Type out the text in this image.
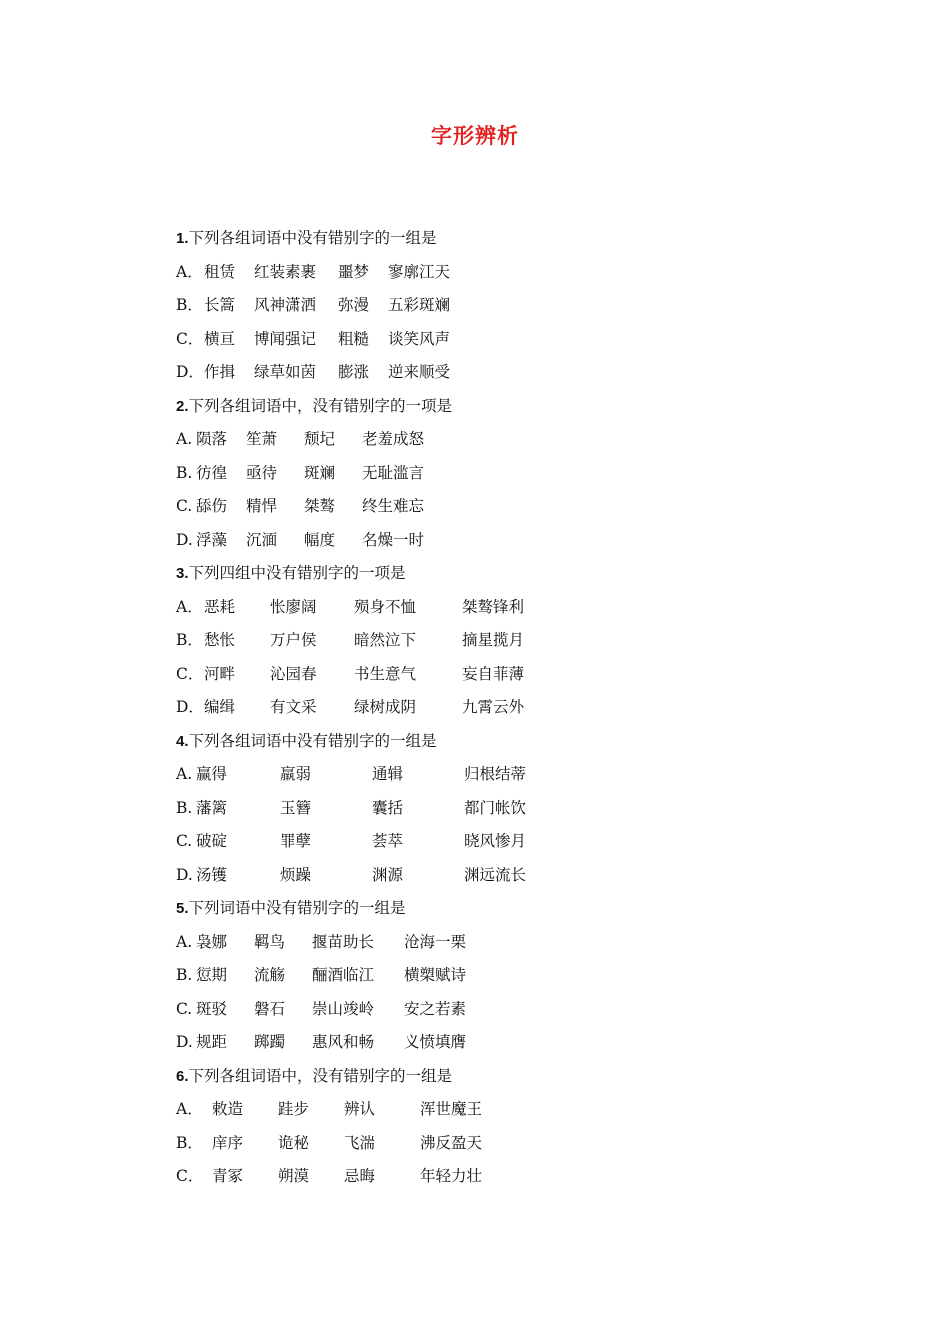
字形辨析
1.下列各组词语中没有错别字的一组是
A． 租赁	红装素裹	噩梦	寥廓江天
B． 长篙	风神潇洒	弥漫	五彩斑斓
C． 横亘	博闻强记	粗糙	谈笑风声
D． 作揖	绿草如茵	膨涨	逆来顺受
2.下列各组词语中，没有错别字的一项是
A. 陨落	笙萧	颓圮	老羞成怒
B. 彷徨	亟待	斑斓	无耻滥言
C. 舔伤	精悍	桀骜	终生难忘
D. 浮藻	沉湎	幅度	名燥一时
3.下列四组中没有错别字的一项是
A． 恶耗	怅廖阔	殒身不恤	桀骜锋利
B． 愁怅	万户侯	暗然泣下	摘星揽月
C． 河畔	沁园春	书生意气	妄自菲薄
D． 编缉	有文采	绿树成阴	九霄云外
4.下列各组词语中没有错别字的一组是
A. 赢得	羸弱	通辑	归根结蒂
B. 藩篱	玉簪	囊括	都门帐饮
C. 破碇	罪孽	荟萃	晓风惨月
D. 汤镬	烦躁	渊源	渊远流长
5.下列词语中没有错别字的一组是
A. 袅娜	羁鸟	揠苗助长	沧海一栗
B. 愆期	流觞	酾酒临江	横槊赋诗
C. 斑驳	磐石	崇山竣岭	安之若素
D. 规距	踯躅	惠风和畅	义愤填膺
6.下列各组词语中，没有错别字的一组是
A． 敕造	跬步	辨认	浑世魔王
B． 庠序	诡秘	飞湍	沸反盈天
C． 青冢	朔漠	忌晦	年轻力壮
